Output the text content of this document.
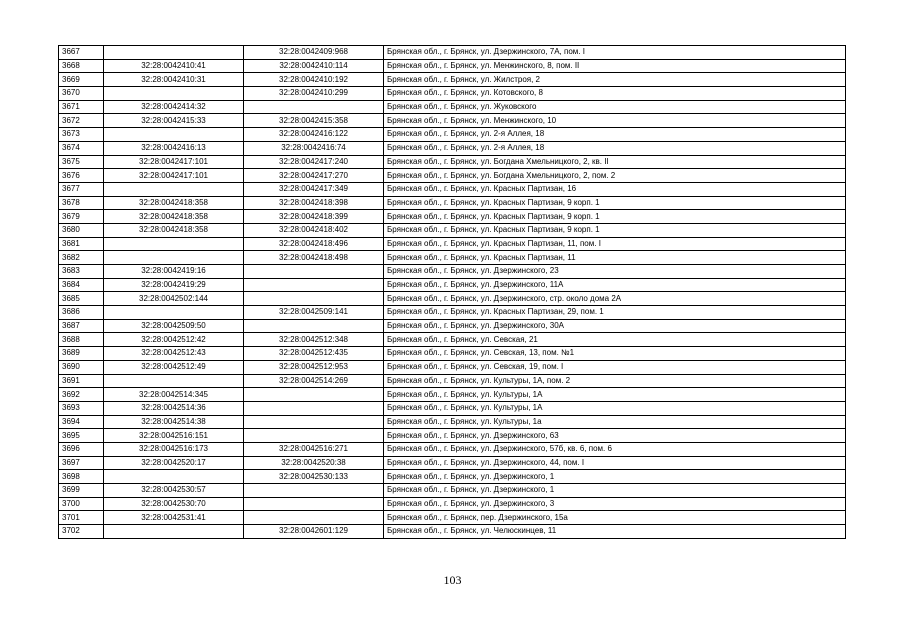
3667		32:28:0042409:968	Брянская обл., г. Брянск, ул. Дзержинского, 7А, пом. I
3668	32:28:0042410:41	32:28:0042410:114	Брянская обл., г. Брянск, ул. Менжинского, 8, пом. II
3669	32:28:0042410:31	32:28:0042410:192	Брянская обл., г. Брянск, ул. Жилстроя, 2
3670		32:28:0042410:299	Брянская обл., г. Брянск, ул. Котовского, 8
3671	32:28:0042414:32		Брянская обл., г. Брянск, ул. Жуковского
3672	32:28:0042415:33	32:28:0042415:358	Брянская обл., г. Брянск, ул. Менжинского, 10
3673		32:28:0042416:122	Брянская обл., г. Брянск, ул. 2-я Аллея, 18
3674	32:28:0042416:13	32:28:0042416:74	Брянская обл., г. Брянск, ул. 2-я Аллея, 18
3675	32:28:0042417:101	32:28:0042417:240	Брянская обл., г. Брянск, ул. Богдана Хмельницкого, 2, кв. II
3676	32:28:0042417:101	32:28:0042417:270	Брянская обл., г. Брянск, ул. Богдана Хмельницкого, 2, пом. 2
3677		32:28:0042417:349	Брянская обл., г. Брянск, ул. Красных Партизан, 16
3678	32:28:0042418:358	32:28:0042418:398	Брянская обл., г. Брянск, ул. Красных Партизан, 9 корп. 1
3679	32:28:0042418:358	32:28:0042418:399	Брянская обл., г. Брянск, ул. Красных Партизан, 9 корп. 1
3680	32:28:0042418:358	32:28:0042418:402	Брянская обл., г. Брянск, ул. Красных Партизан, 9 корп. 1
3681		32:28:0042418:496	Брянская обл., г. Брянск, ул. Красных Партизан, 11, пом. I
3682		32:28:0042418:498	Брянская обл., г. Брянск, ул. Красных Партизан, 11
3683	32:28:0042419:16		Брянская обл., г. Брянск, ул. Дзержинского, 23
3684	32:28:0042419:29		Брянская обл., г. Брянск, ул. Дзержинского, 11А
3685	32:28:0042502:144		Брянская обл., г. Брянск, ул. Дзержинского, стр. около дома 2А
3686		32:28:0042509:141	Брянская обл., г. Брянск, ул. Красных Партизан, 29, пом. 1
3687	32:28:0042509:50		Брянская обл., г. Брянск, ул. Дзержинского, 30А
3688	32:28:0042512:42	32:28:0042512:348	Брянская обл., г. Брянск, ул. Севская, 21
3689	32:28:0042512:43	32:28:0042512:435	Брянская обл., г. Брянск, ул. Севская, 13, пом. №1
3690	32:28:0042512:49	32:28:0042512:953	Брянская обл., г. Брянск, ул. Севская, 19, пом. I
3691		32:28:0042514:269	Брянская обл., г. Брянск, ул. Культуры, 1А, пом. 2
3692	32:28:0042514:345		Брянская обл., г. Брянск, ул. Культуры, 1А
3693	32:28:0042514:36		Брянская обл., г. Брянск, ул. Культуры, 1А
3694	32:28:0042514:38		Брянская обл., г. Брянск, ул. Культуры, 1а
3695	32:28:0042516:151		Брянская обл., г. Брянск, ул. Дзержинского, 63
3696	32:28:0042516:173	32:28:0042516:271	Брянская обл., г. Брянск, ул. Дзержинского, 57б, кв. 6, пом. 6
3697	32:28:0042520:17	32:28:0042520:38	Брянская обл., г. Брянск, ул. Дзержинского, 44, пом. I
3698		32:28:0042530:133	Брянская обл., г. Брянск, ул. Дзержинского, 1
3699	32:28:0042530:57		Брянская обл., г. Брянск, ул. Дзержинского, 1
3700	32:28:0042530:70		Брянская обл., г. Брянск, ул. Дзержинского, 3
3701	32:28:0042531:41		Брянская обл., г. Брянск, пер. Дзержинского, 15а
3702		32:28:0042601:129	Брянская обл., г. Брянск, ул. Челюскинцев, 11
103
